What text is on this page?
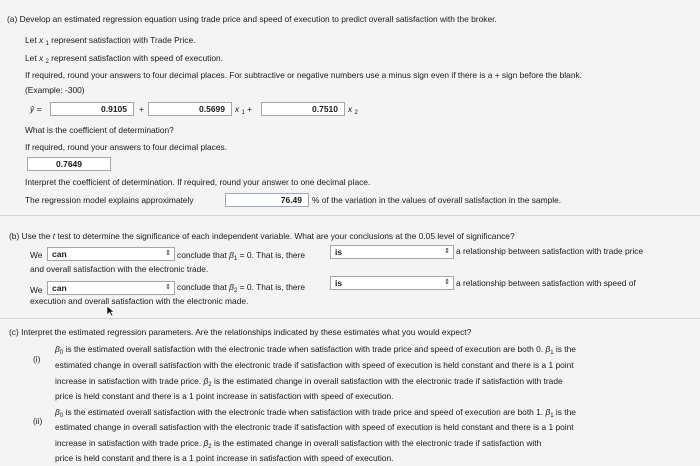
(a) Develop an estimated regression equation using trade price and speed of execution to predict overall satisfaction with the broker.
Let x $_1$ represent satisfaction with Trade Price.
Let x $_2$ represent satisfaction with speed of execution.
If required, round your answers to four decimal places. For subtractive or negative numbers use a minus sign even if there is a + sign before the blank.
(Example: -300)
ŷ =	0.9105	+	0.5699	x $_1$ +	0.7510	x $_2$
What is the coefficient of determination?
If required, round your answers to four decimal places.
0.7649
Interpret the coefficient of determination. If required, round your answer to one decimal place.
The regression model explains approximately	76.49	% of the variation in the values of overall satisfaction in the sample.
(b) Use the t test to determine the significance of each independent variable. What are your conclusions at the 0.05 level of significance?
We	can	⇕ conclude that $\beta_1 = 0$. That is, there	is	⇕ a relationship between satisfaction with trade price
and overall satisfaction with the electronic trade.
We	can	⇕ conclude that $\beta_2 = 0$. That is, there	is	⇕ a relationship between satisfaction with speed of
execution and overall satisfaction with the electronic made.
(c) Interpret the estimated regression parameters. Are the relationships indicated by these estimates what you would expect?
(i)
$\beta_0$ is the estimated overall satisfaction with the electronic trade when satisfaction with trade price and speed of execution are both 0. $\beta_1$ is the
estimated change in overall satisfaction with the electronic trade if satisfaction with speed of execution is held constant and there is a 1 point
increase in satisfaction with trade price. $\beta_2$ is the estimated change in overall satisfaction with the electronic trade if satisfaction with trade
price is held constant and there is a 1 point increase in satisfaction with speed of execution.
(ii)
$\beta_0$ is the estimated overall satisfaction with the electronic trade when satisfaction with trade price and speed of execution are both 1. $\beta_1$ is the
estimated change in overall satisfaction with the electronic trade if satisfaction with speed of execution is held constant and there is a 1 point
increase in satisfaction with trade price. $\beta_2$ is the estimated change in overall satisfaction with the electronic trade if satisfaction with
price is held constant and there is a 1 point increase in satisfaction with speed of execution.
